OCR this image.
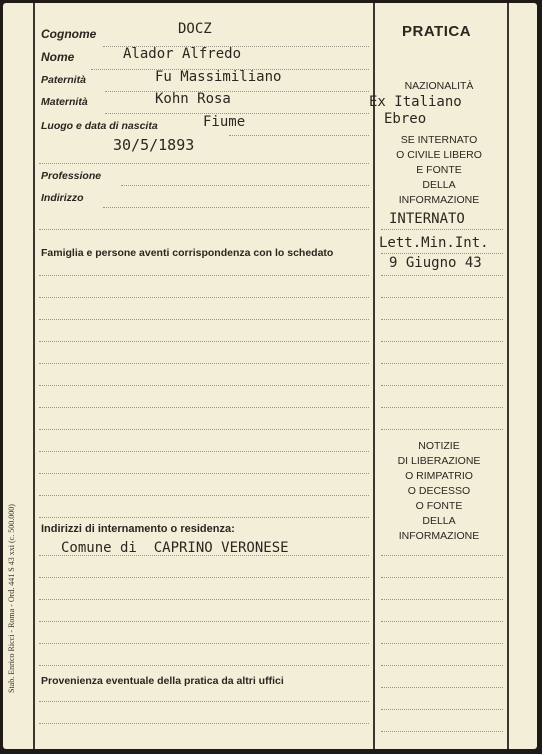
Stab. Enrico Ricci - Roma - Ord. 441 S 43 xxi (c. 500.000)
Cognome
Nome
Paternità
Maternità
Luogo e data di nascita
Professione
Indirizzo
Famiglia e persone aventi corrispondenza con lo schedato
Indirizzi di internamento o residenza:
Provenienza eventuale della pratica da altri uffici
DOCZ
Alador Alfredo
Fu Massimiliano
Kohn Rosa
Fiume
30/5/1893
Comune di  CAPRINO VERONESE
PRATICA
NAZIONALITÀ
Ex Italiano
Ebreo
SE INTERNATO
O CIVILE LIBERO
E FONTE
DELLA
INFORMAZIONE
INTERNATO
Lett.Min.Int.
9 Giugno 43
NOTIZIE
DI LIBERAZIONE
O RIMPATRIO
O DECESSO
O FONTE
DELLA
INFORMAZIONE
